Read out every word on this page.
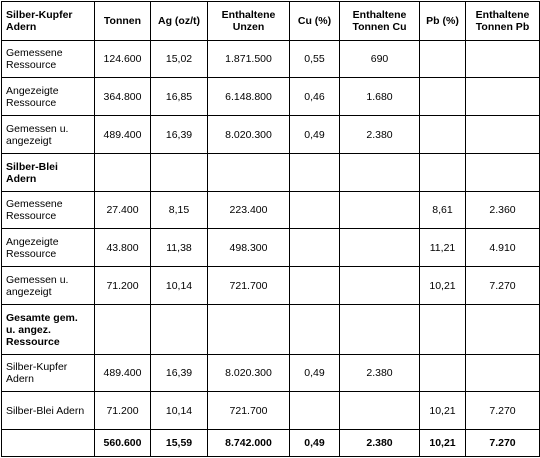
Silber-Kupfer Adern	Tonnen	Ag (oz/t)	Enthaltene Unzen	Cu (%)	Enthaltene Tonnen Cu	Pb (%)	Enthaltene Tonnen Pb
Gemessene Ressource	124.600	15,02	1.871.500	0,55	690		
Angezeigte Ressource	364.800	16,85	6.148.800	0,46	1.680		
Gemessen u. angezeigt	489.400	16,39	8.020.300	0,49	2.380		
Silber-Blei Adern							
Gemessene Ressource	27.400	8,15	223.400			8,61	2.360
Angezeigte Ressource	43.800	11,38	498.300			11,21	4.910
Gemessen u. angezeigt	71.200	10,14	721.700			10,21	7.270
Gesamte gem. u. angez. Ressource							
Silber-Kupfer Adern	489.400	16,39	8.020.300	0,49	2.380		
Silber-Blei Adern	71.200	10,14	721.700			10,21	7.270
	560.600	15,59	8.742.000	0,49	2.380	10,21	7.270
